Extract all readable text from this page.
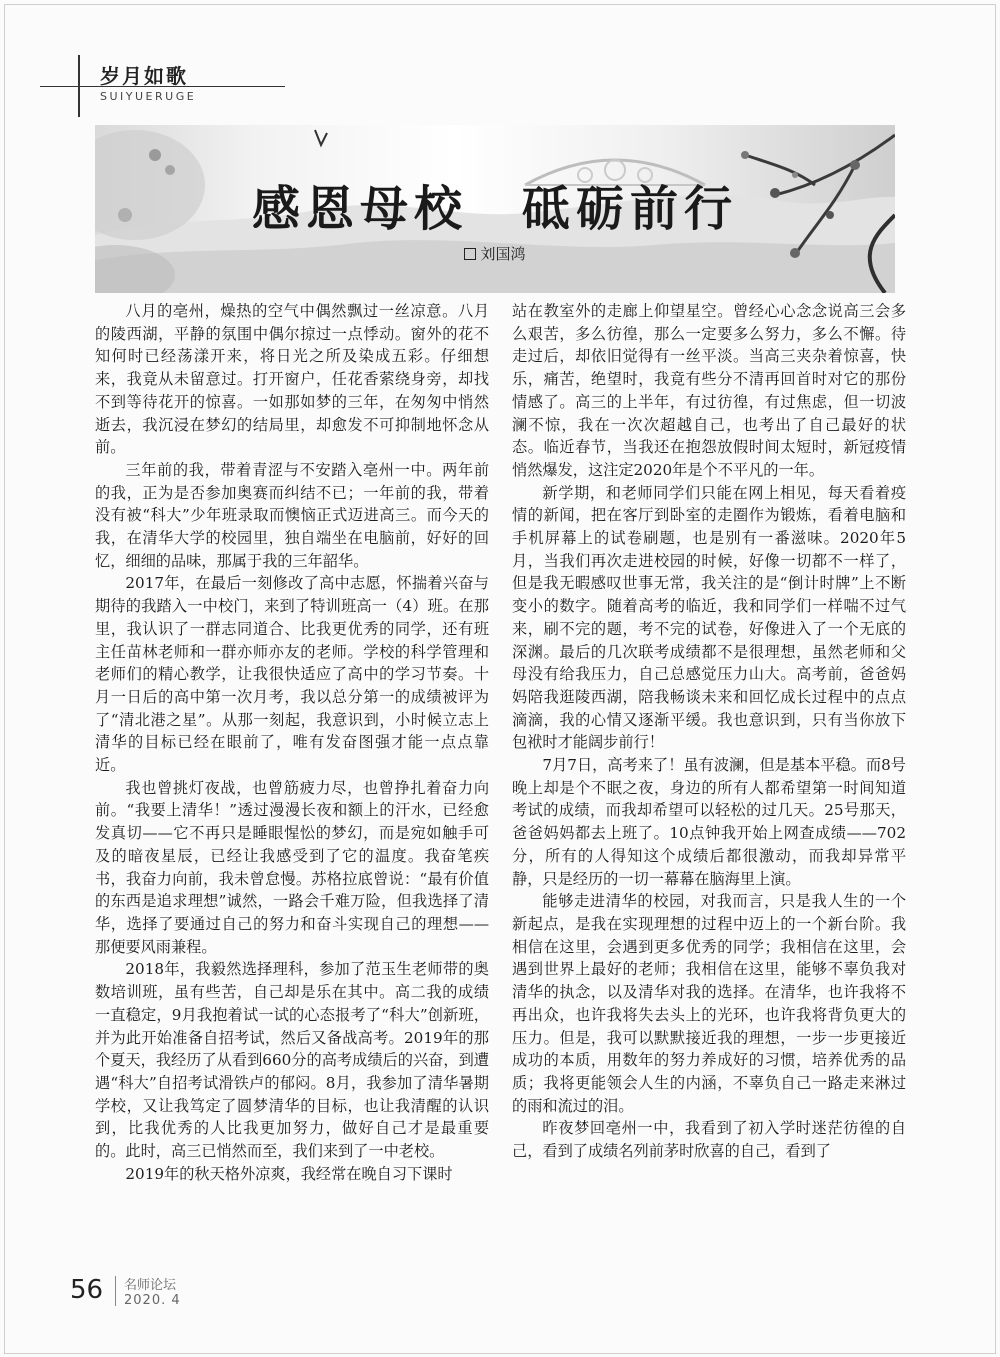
岁月如歌
SUIYUERUGE
感恩母校　砥砺前行
刘国鸿

八月的亳州，燥热的空气中偶然飘过一丝凉意。八月的陵西湖，平静的氛围中偶尔掠过一点悸动。窗外的花不知何时已经荡漾开来，将日光之所及染成五彩。仔细想来，我竟从未留意过。打开窗户，任花香萦绕身旁，却找不到等待花开的惊喜。一如那如梦的三年，在匆匆中悄然逝去，我沉浸在梦幻的结局里，却愈发不可抑制地怀念从前。

三年前的我，带着青涩与不安踏入亳州一中。两年前的我，正为是否参加奥赛而纠结不已；一年前的我，带着没有被“科大”少年班录取而懊恼正式迈进高三。而今天的我，在清华大学的校园里，独自端坐在电脑前，好好的回忆，细细的品味，那属于我的三年韶华。

2017年，在最后一刻修改了高中志愿，怀揣着兴奋与期待的我踏入一中校门，来到了特训班高一（4）班。在那里，我认识了一群志同道合、比我更优秀的同学，还有班主任苗林老师和一群亦师亦友的老师。学校的科学管理和老师们的精心教学，让我很快适应了高中的学习节奏。十月一日后的高中第一次月考，我以总分第一的成绩被评为了“清北港之星”。从那一刻起，我意识到，小时候立志上清华的目标已经在眼前了，唯有发奋图强才能一点点靠近。

我也曾挑灯夜战，也曾筋疲力尽，也曾挣扎着奋力向前。“我要上清华！”透过漫漫长夜和额上的汗水，已经愈发真切——它不再只是睡眼惺忪的梦幻，而是宛如触手可及的暗夜星辰，已经让我感受到了它的温度。我奋笔疾书，我奋力向前，我未曾怠慢。苏格拉底曾说：“最有价值的东西是追求理想”诚然，一路会千难万险，但我选择了清华，选择了要通过自己的努力和奋斗实现自己的理想——那便要风雨兼程。

2018年，我毅然选择理科，参加了范玉生老师带的奥数培训班，虽有些苦，自己却是乐在其中。高二我的成绩一直稳定，9月我抱着试一试的心态报考了“科大”创新班，并为此开始准备自招考试，然后又备战高考。2019年的那个夏天，我经历了从看到660分的高考成绩后的兴奋，到遭遇“科大”自招考试滑铁卢的郁闷。8月，我参加了清华暑期学校，又让我笃定了圆梦清华的目标，也让我清醒的认识到，比我优秀的人比我更加努力，做好自己才是最重要的。此时，高三已悄然而至，我们来到了一中老校。

2019年的秋天格外凉爽，我经常在晚自习下课时

站在教室外的走廊上仰望星空。曾经心心念念说高三会多么艰苦，多么彷徨，那么一定要多么努力，多么不懈。待走过后，却依旧觉得有一丝平淡。当高三夹杂着惊喜，快乐，痛苦，绝望时，我竟有些分不清再回首时对它的那份情感了。高三的上半年，有过彷徨，有过焦虑，但一切波澜不惊，我在一次次超越自己，也考出了自己最好的状态。临近春节，当我还在抱怨放假时间太短时，新冠疫情悄然爆发，这注定2020年是个不平凡的一年。

新学期，和老师同学们只能在网上相见，每天看着疫情的新闻，把在客厅到卧室的走圈作为锻炼，看着电脑和手机屏幕上的试卷刷题，也是别有一番滋味。2020年5月，当我们再次走进校园的时候，好像一切都不一样了，但是我无暇感叹世事无常，我关注的是“倒计时牌”上不断变小的数字。随着高考的临近，我和同学们一样喘不过气来，刷不完的题，考不完的试卷，好像进入了一个无底的深渊。最后的几次联考成绩都不是很理想，虽然老师和父母没有给我压力，自己总感觉压力山大。高考前，爸爸妈妈陪我逛陵西湖，陪我畅谈未来和回忆成长过程中的点点滴滴，我的心情又逐渐平缓。我也意识到，只有当你放下包袱时才能阔步前行！

7月7日，高考来了！虽有波澜，但是基本平稳。而8号晚上却是个不眠之夜，身边的所有人都希望第一时间知道考试的成绩，而我却希望可以轻松的过几天。25号那天，爸爸妈妈都去上班了。10点钟我开始上网查成绩——702分，所有的人得知这个成绩后都很激动，而我却异常平静，只是经历的一切一幕幕在脑海里上演。

能够走进清华的校园，对我而言，只是我人生的一个新起点，是我在实现理想的过程中迈上的一个新台阶。我相信在这里，会遇到更多优秀的同学；我相信在这里，会遇到世界上最好的老师；我相信在这里，能够不辜负我对清华的执念，以及清华对我的选择。在清华，也许我将不再出众，也许我将失去头上的光环，也许我将背负更大的压力。但是，我可以默默接近我的理想，一步一步更接近成功的本质，用数年的努力养成好的习惯，培养优秀的品质；我将更能领会人生的内涵，不辜负自己一路走来淋过的雨和流过的泪。

昨夜梦回亳州一中，我看到了初入学时迷茫彷徨的自己，看到了成绩名列前茅时欣喜的自己，看到了

56 名师论坛
2020. 4
